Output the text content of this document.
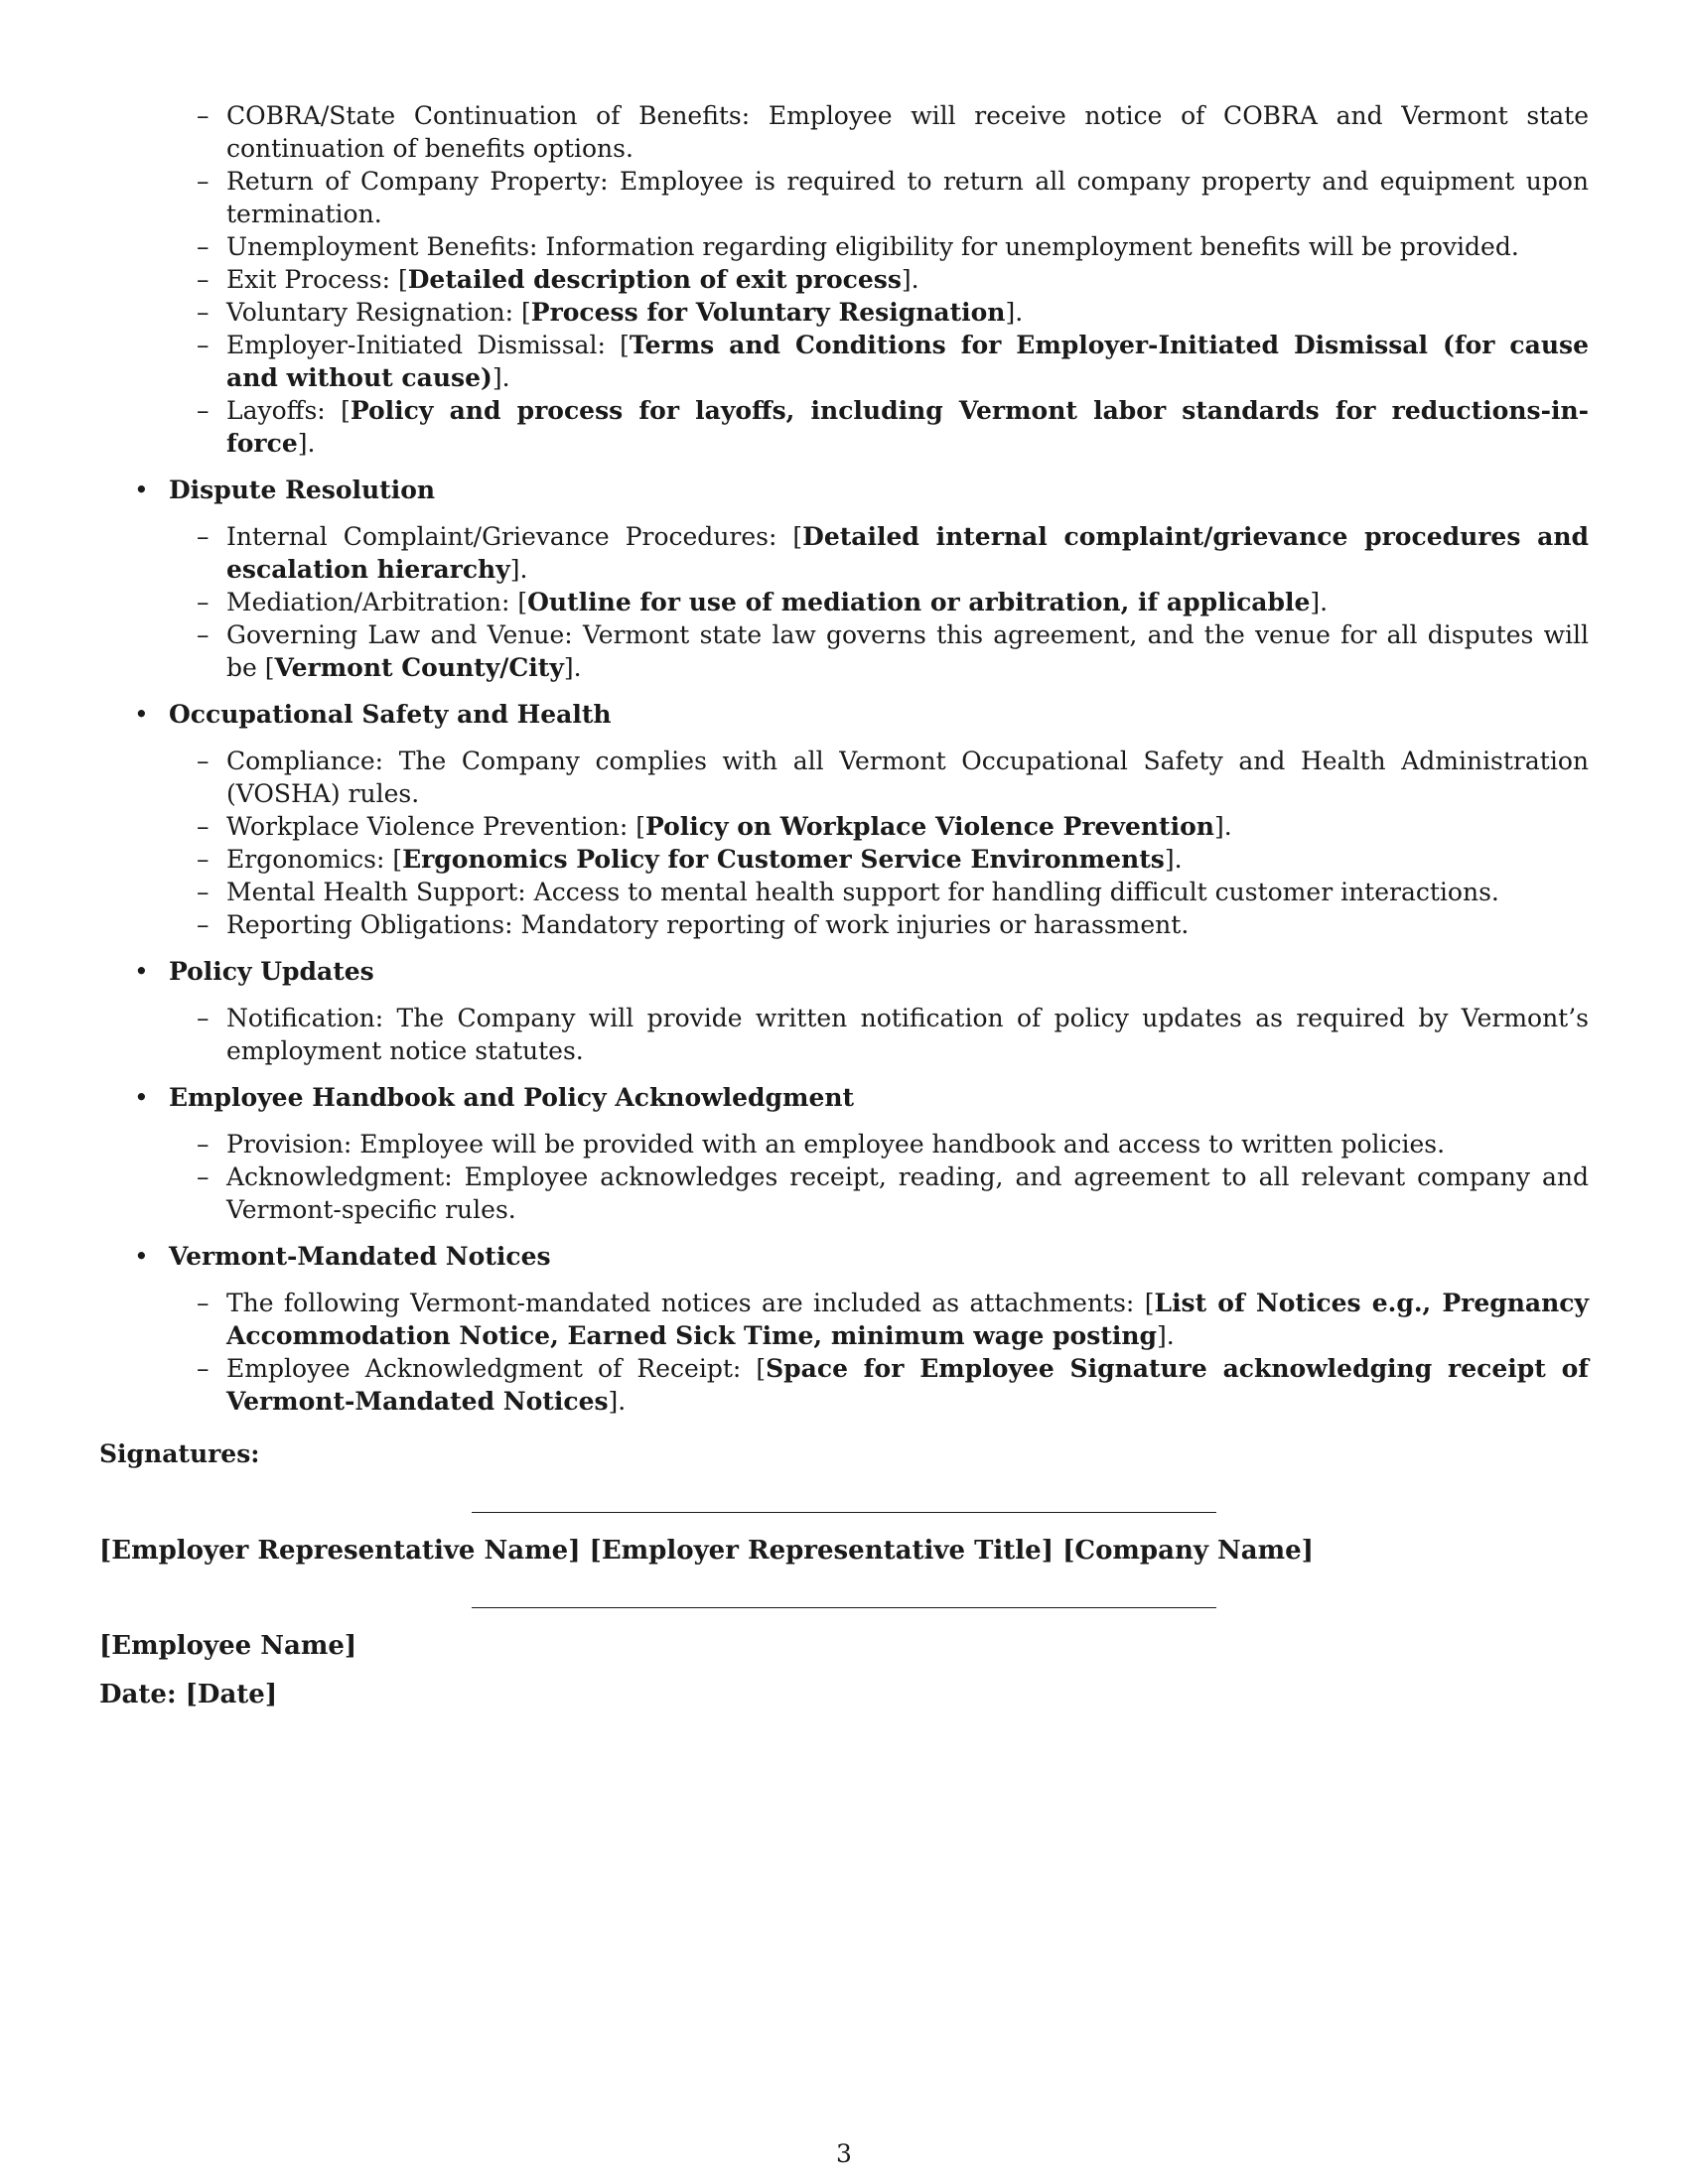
– COBRA/State Continuation of Benefits: Employee will receive notice of COBRA and Vermont state continuation of benefits options.
– Return of Company Property: Employee is required to return all company property and equipment upon termination.
– Unemployment Benefits: Information regarding eligibility for unemployment benefits will be provided.
– Exit Process: [Detailed description of exit process].
– Voluntary Resignation: [Process for Voluntary Resignation].
– Employer-Initiated Dismissal: [Terms and Conditions for Employer-Initiated Dismissal (for cause and without cause)].
– Layoffs: [Policy and process for layoffs, including Vermont labor standards for reductions-in-force].
• Dispute Resolution
– Internal Complaint/Grievance Procedures: [Detailed internal complaint/grievance procedures and escalation hierarchy].
– Mediation/Arbitration: [Outline for use of mediation or arbitration, if applicable].
– Governing Law and Venue: Vermont state law governs this agreement, and the venue for all disputes will be [Vermont County/City].
• Occupational Safety and Health
– Compliance: The Company complies with all Vermont Occupational Safety and Health Administration (VOSHA) rules.
– Workplace Violence Prevention: [Policy on Workplace Violence Prevention].
– Ergonomics: [Ergonomics Policy for Customer Service Environments].
– Mental Health Support: Access to mental health support for handling difficult customer interactions.
– Reporting Obligations: Mandatory reporting of work injuries or harassment.
• Policy Updates
– Notification: The Company will provide written notification of policy updates as required by Vermont’s employment notice statutes.
• Employee Handbook and Policy Acknowledgment
– Provision: Employee will be provided with an employee handbook and access to written policies.
– Acknowledgment: Employee acknowledges receipt, reading, and agreement to all relevant company and Vermont-specific rules.
• Vermont-Mandated Notices
– The following Vermont-mandated notices are included as attachments: [List of Notices e.g., Pregnancy Accommodation Notice, Earned Sick Time, minimum wage posting].
– Employee Acknowledgment of Receipt: [Space for Employee Signature acknowledging receipt of Vermont-Mandated Notices].
Signatures:
[Employer Representative Name] [Employer Representative Title] [Company Name]
[Employee Name]
Date: [Date]
3
